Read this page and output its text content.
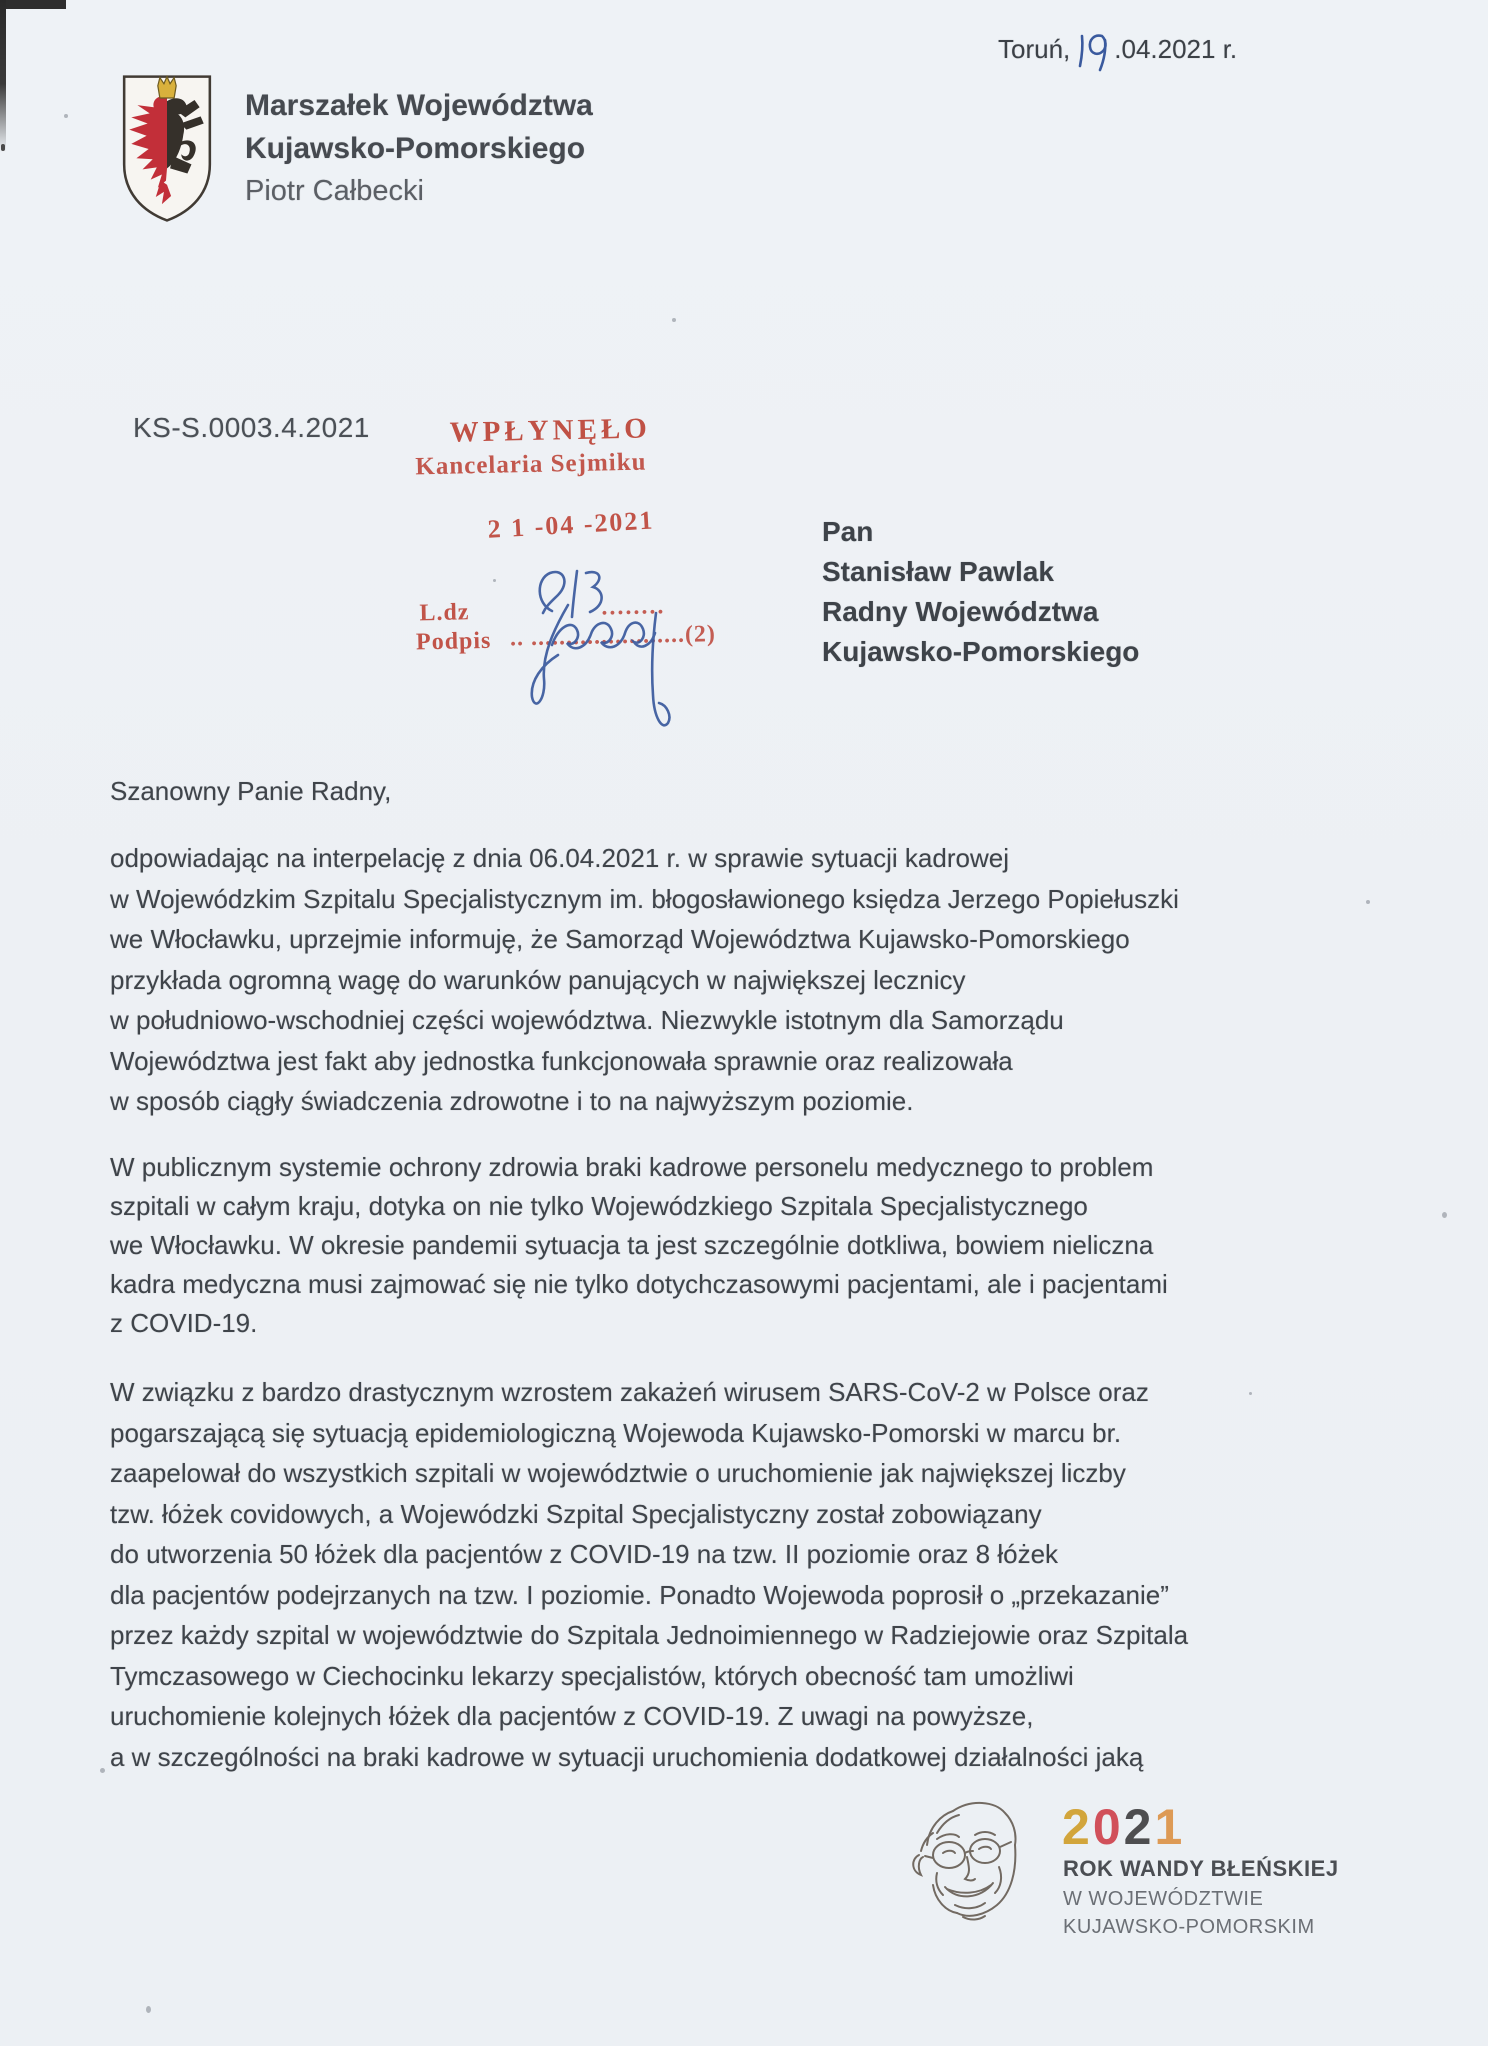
Toruń, .04.2021 r.
Marszałek Województwa
Kujawsko-Pomorskiego
Piotr Całbecki
KS-S.0003.4.2021	WPŁYNĘŁO
Kancelaria Sejmiku
2 1 -04 -2021
L.dz	........
Podpis .. ......................(2)
Pan
Stanisław Pawlak
Radny Województwa
Kujawsko-Pomorskiego
Szanowny Panie Radny,
odpowiadając na interpelację z dnia 06.04.2021 r. w sprawie sytuacji kadrowej
w Wojewódzkim Szpitalu Specjalistycznym im. błogosławionego księdza Jerzego Popiełuszki
we Włocławku, uprzejmie informuję, że Samorząd Województwa Kujawsko-Pomorskiego
przykłada ogromną wagę do warunków panujących w największej lecznicy
w południowo-wschodniej części województwa. Niezwykle istotnym dla Samorządu
Województwa jest fakt aby jednostka funkcjonowała sprawnie oraz realizowała
w sposób ciągły świadczenia zdrowotne i to na najwyższym poziomie.
W publicznym systemie ochrony zdrowia braki kadrowe personelu medycznego to problem
szpitali w całym kraju, dotyka on nie tylko Wojewódzkiego Szpitala Specjalistycznego
we Włocławku. W okresie pandemii sytuacja ta jest szczególnie dotkliwa, bowiem nieliczna
kadra medyczna musi zajmować się nie tylko dotychczasowymi pacjentami, ale i pacjentami
z COVID-19.
W związku z bardzo drastycznym wzrostem zakażeń wirusem SARS-CoV-2 w Polsce oraz
pogarszającą się sytuacją epidemiologiczną Wojewoda Kujawsko-Pomorski w marcu br.
zaapelował do wszystkich szpitali w województwie o uruchomienie jak największej liczby
tzw. łóżek covidowych, a Wojewódzki Szpital Specjalistyczny został zobowiązany
do utworzenia 50 łóżek dla pacjentów z COVID-19 na tzw. II poziomie oraz 8 łóżek
dla pacjentów podejrzanych na tzw. I poziomie. Ponadto Wojewoda poprosił o „przekazanie”
przez każdy szpital w województwie do Szpitala Jednoimiennego w Radziejowie oraz Szpitala
Tymczasowego w Ciechocinku lekarzy specjalistów, których obecność tam umożliwi
uruchomienie kolejnych łóżek dla pacjentów z COVID-19. Z uwagi na powyższe,
a w szczególności na braki kadrowe w sytuacji uruchomienia dodatkowej działalności jaką
2021
ROK WANDY BŁEŃSKIEJ
W WOJEWÓDZTWIE
KUJAWSKO-POMORSKIM
